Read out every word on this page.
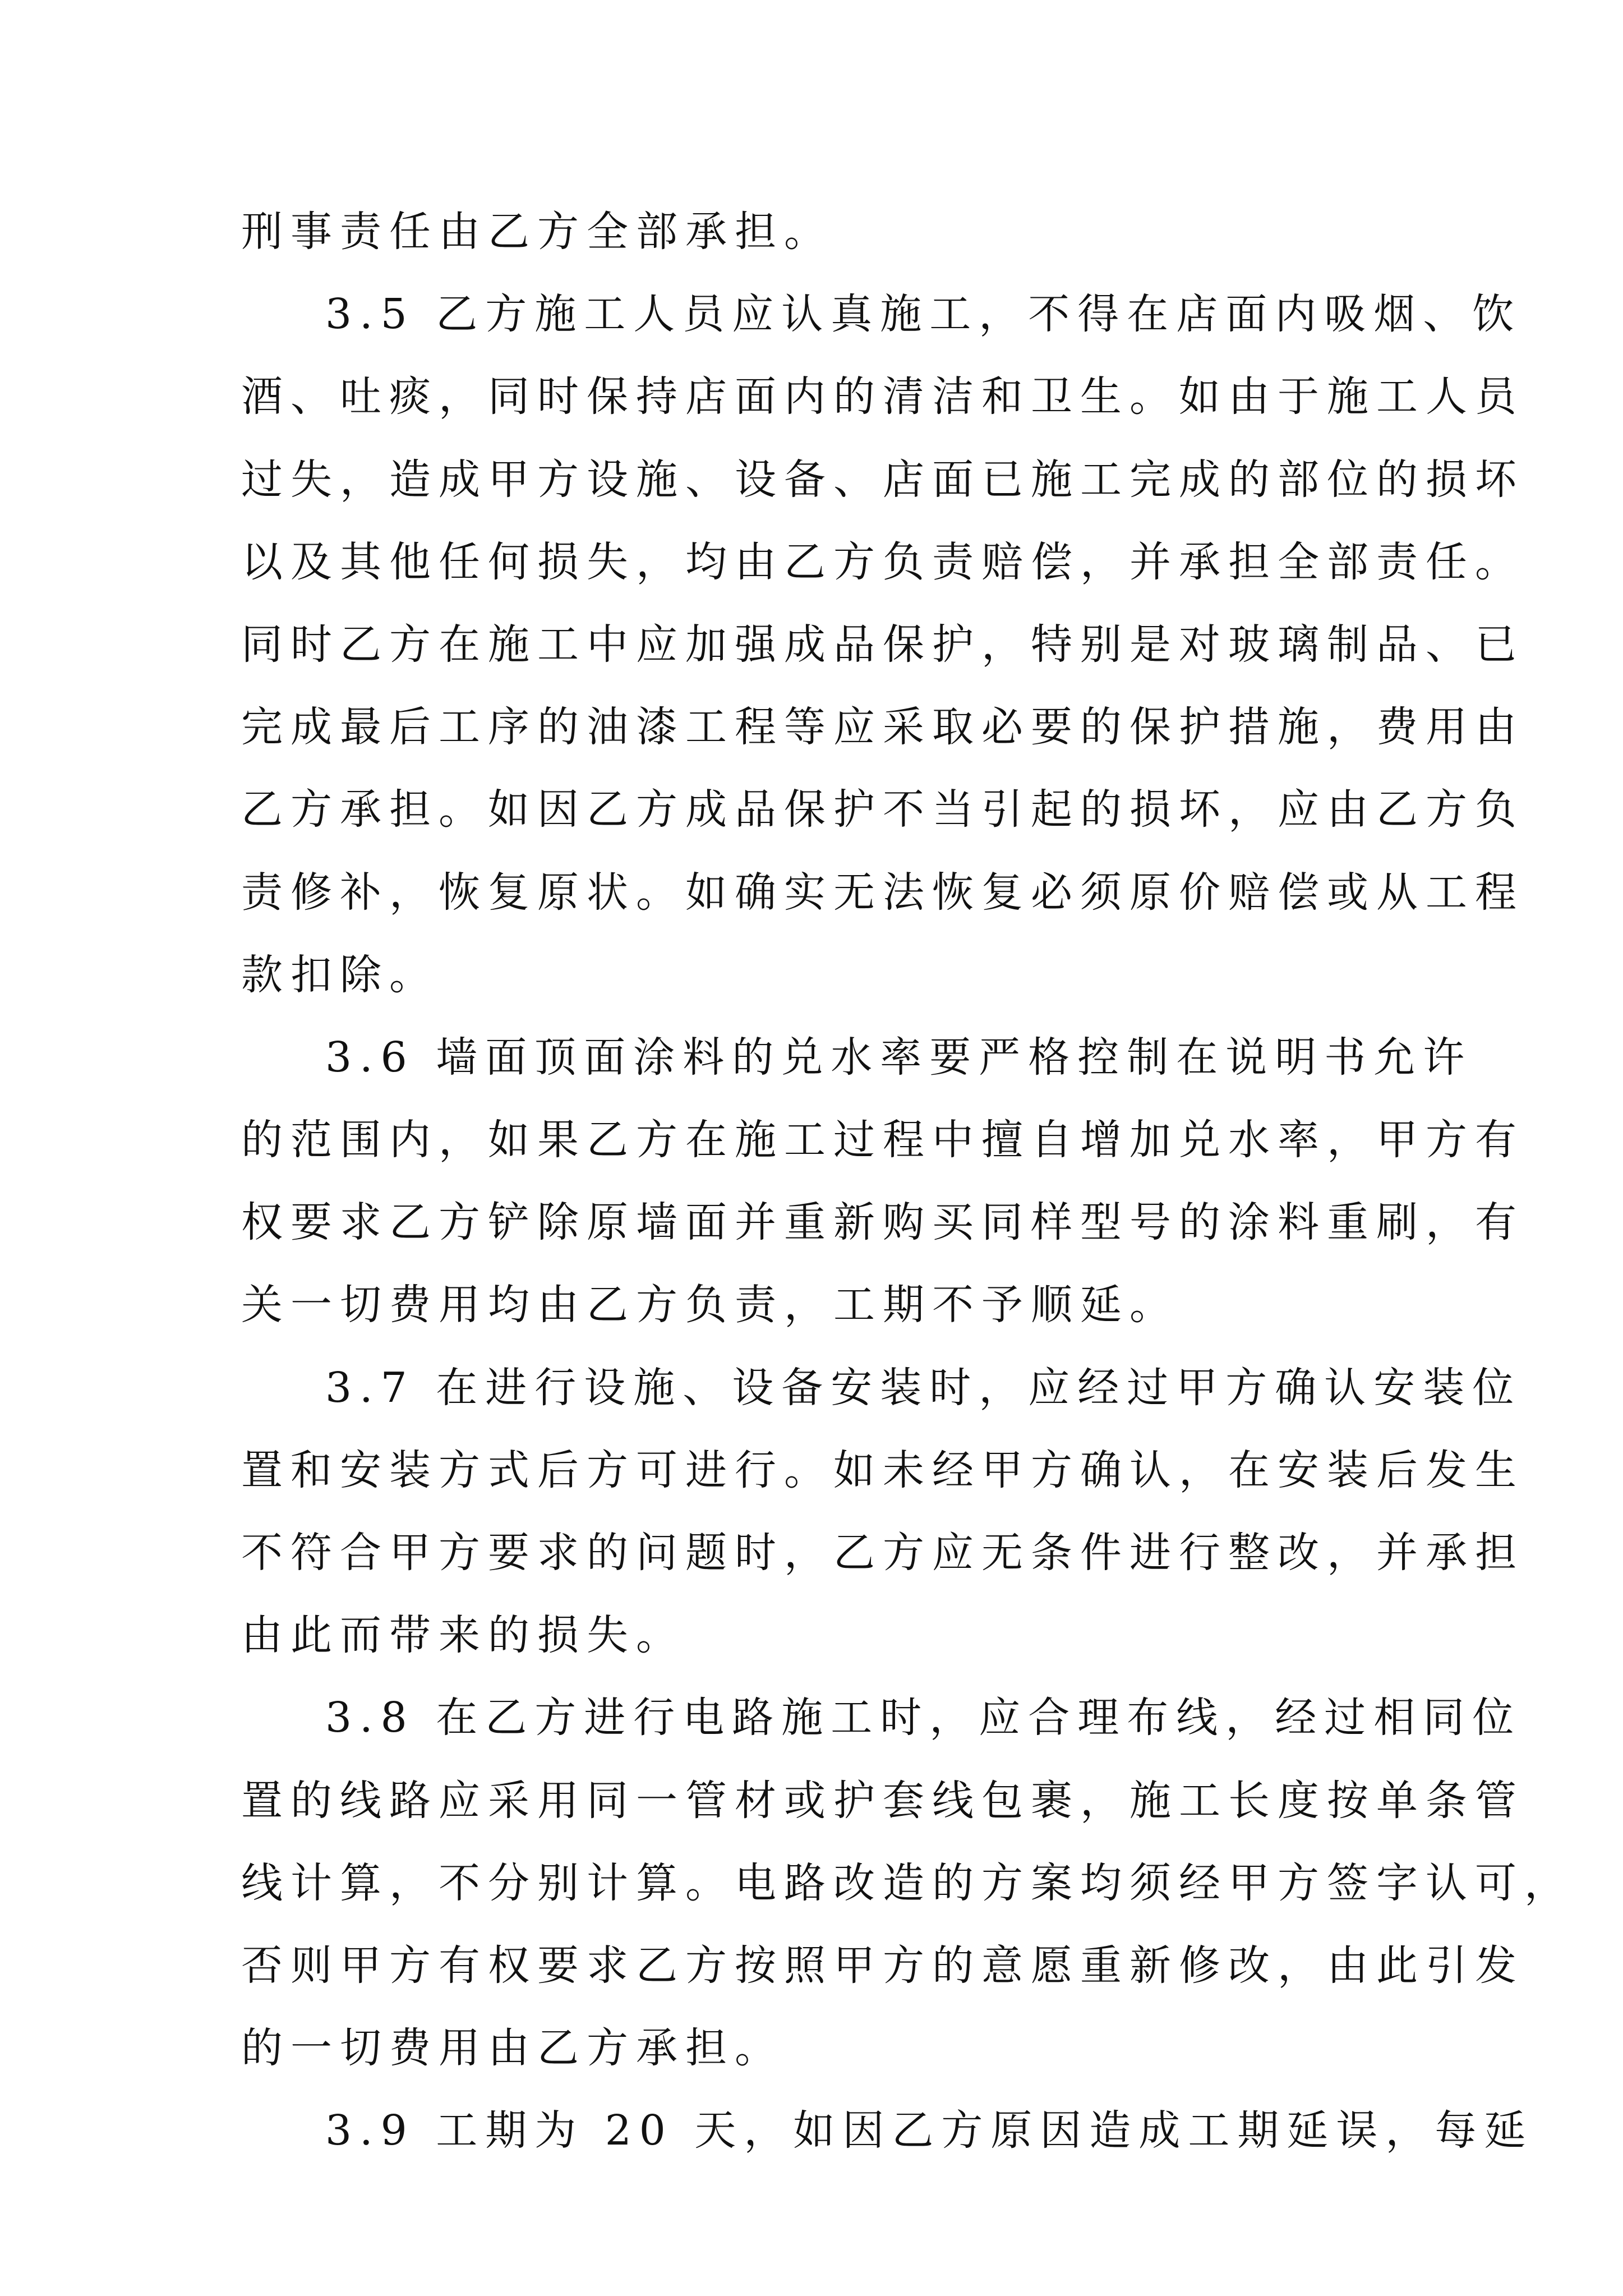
刑事责任由乙方全部承担。
3.5 乙方施工人员应认真施工，不得在店面内吸烟、饮
酒、吐痰，同时保持店面内的清洁和卫生。如由于施工人员
过失，造成甲方设施、设备、店面已施工完成的部位的损坏
以及其他任何损失，均由乙方负责赔偿，并承担全部责任。
同时乙方在施工中应加强成品保护，特别是对玻璃制品、已
完成最后工序的油漆工程等应采取必要的保护措施，费用由
乙方承担。如因乙方成品保护不当引起的损坏，应由乙方负
责修补，恢复原状。如确实无法恢复必须原价赔偿或从工程
款扣除。
3.6 墙面顶面涂料的兑水率要严格控制在说明书允许
的范围内，如果乙方在施工过程中擅自增加兑水率，甲方有
权要求乙方铲除原墙面并重新购买同样型号的涂料重刷，有
关一切费用均由乙方负责，工期不予顺延。
3.7 在进行设施、设备安装时，应经过甲方确认安装位
置和安装方式后方可进行。如未经甲方确认，在安装后发生
不符合甲方要求的问题时，乙方应无条件进行整改，并承担
由此而带来的损失。
3.8 在乙方进行电路施工时，应合理布线，经过相同位
置的线路应采用同一管材或护套线包裹，施工长度按单条管
线计算，不分别计算。电路改造的方案均须经甲方签字认可，
否则甲方有权要求乙方按照甲方的意愿重新修改，由此引发
的一切费用由乙方承担。
3.9 工期为 20 天，如因乙方原因造成工期延误，每延
